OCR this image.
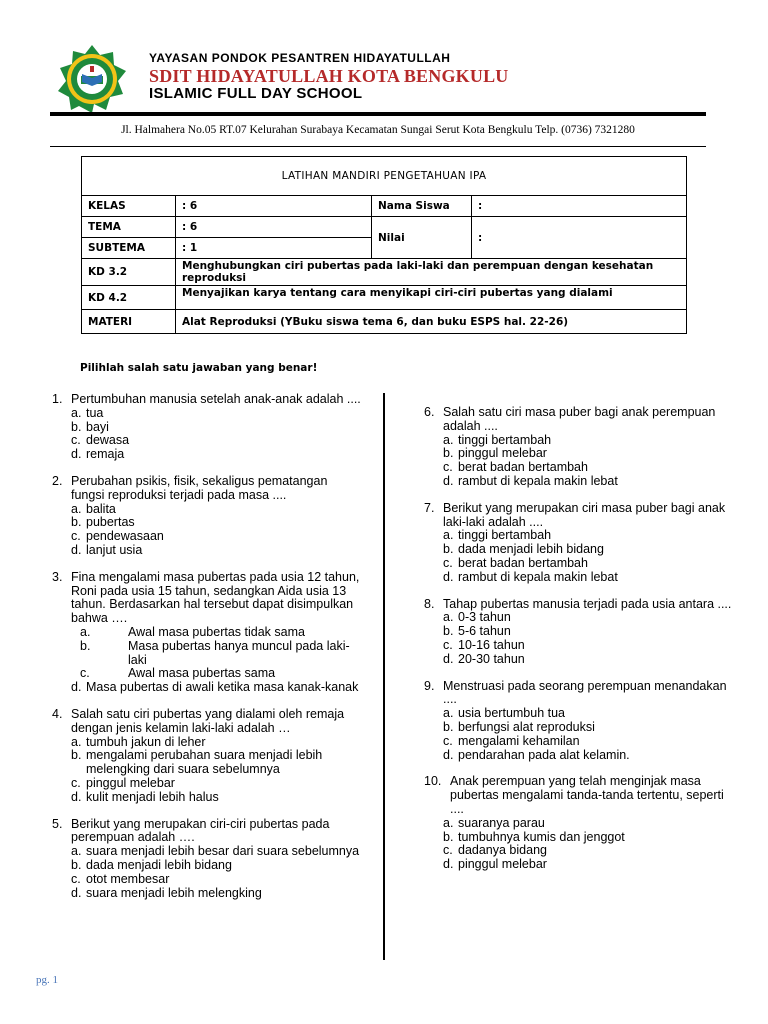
YAYASAN PONDOK PESANTREN HIDAYATULLAH
SDIT HIDAYATULLAH KOTA BENGKULU
ISLAMIC FULL DAY SCHOOL
Jl. Halmahera No.05 RT.07 Kelurahan Surabaya Kecamatan Sungai Serut Kota Bengkulu Telp. (0736) 7321280
LATIHAN MANDIRI PENGETAHUAN IPA			
KELAS	: 6	Nama Siswa	:
TEMA	: 6	Nilai	:
SUBTEMA	: 1		
KD 3.2	Menghubungkan ciri pubertas pada laki-laki dan perempuan dengan kesehatan reproduksi		
KD 4.2	Menyajikan karya tentang cara menyikapi ciri-ciri pubertas yang dialami		
MATERI	Alat Reproduksi (YBuku siswa tema 6, dan buku ESPS hal. 22-26)		
Pilihlah salah satu jawaban yang benar!
1. Pertumbuhan manusia setelah anak-anak adalah ....
a. tua
b. bayi
c. dewasa
d. remaja
2. Perubahan psikis, fisik, sekaligus pematangan fungsi reproduksi terjadi pada masa ....
a. balita
b. pubertas
c. pendewasaan
d. lanjut usia
3. Fina mengalami masa pubertas pada usia 12 tahun, Roni pada usia 15 tahun, sedangkan Aida usia 13 tahun. Berdasarkan hal tersebut dapat disimpulkan bahwa ….
a.	Awal masa pubertas tidak sama
b.	Masa pubertas hanya muncul pada laki-laki
c.	Awal masa pubertas sama
d. Masa pubertas di awali ketika masa kanak-kanak
4. Salah satu ciri pubertas yang dialami oleh remaja dengan jenis kelamin laki-laki adalah …
a. tumbuh jakun di leher
b. mengalami perubahan suara menjadi lebih melengking dari suara sebelumnya
c. pinggul melebar
d. kulit menjadi lebih halus
5. Berikut yang merupakan ciri-ciri pubertas pada perempuan adalah ….
a. suara menjadi lebih besar dari suara sebelumnya
b. dada menjadi lebih bidang
c. otot membesar
d. suara menjadi lebih melengking
6. Salah satu ciri masa puber bagi anak perempuan adalah ....
a. tinggi bertambah
b. pinggul melebar
c. berat badan bertambah
d. rambut di kepala makin lebat
7. Berikut yang merupakan ciri masa puber bagi anak laki-laki adalah ....
a. tinggi bertambah
b. dada menjadi lebih bidang
c. berat badan bertambah
d. rambut di kepala makin lebat
8. Tahap pubertas manusia terjadi pada usia antara ....
a. 0-3 tahun
b. 5-6 tahun
c. 10-16 tahun
d. 20-30 tahun
9. Menstruasi pada seorang perempuan menandakan ....
a. usia bertumbuh tua
b. berfungsi alat reproduksi
c. mengalami kehamilan
d. pendarahan pada alat kelamin.
10. Anak perempuan yang telah menginjak masa pubertas mengalami tanda-tanda tertentu, seperti ....
a. suaranya parau
b. tumbuhnya kumis dan jenggot
c. dadanya bidang
d. pinggul melebar
pg. 1
